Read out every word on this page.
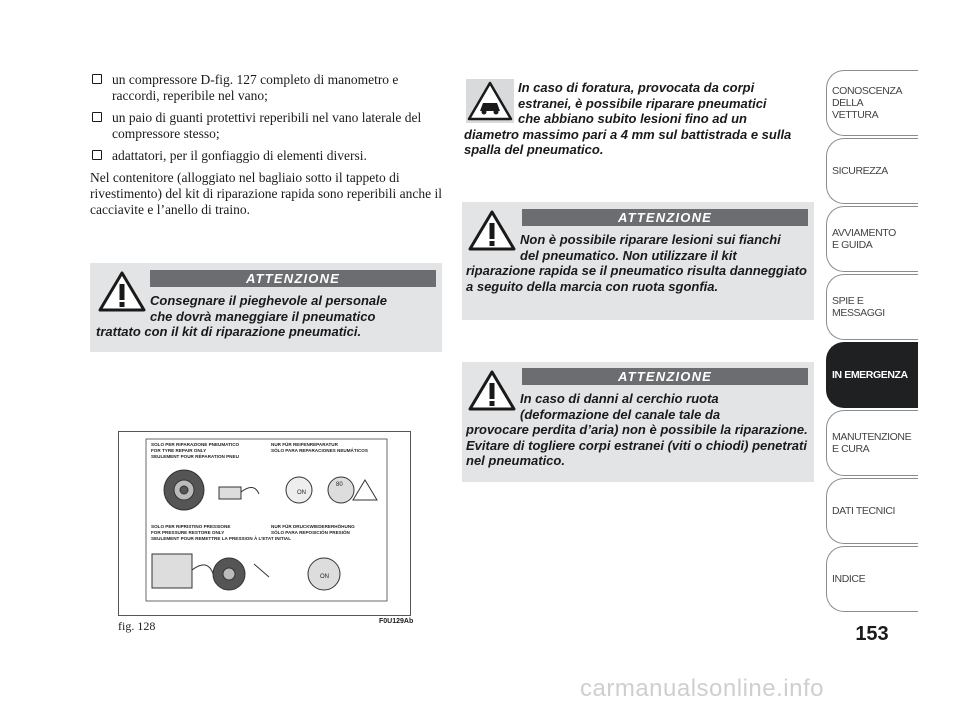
un compressore D-fig. 127 completo di manometro e raccordi, reperibile nel vano;
un paio di guanti protettivi reperibili nel vano laterale del compressore stesso;
adattatori, per il gonfiaggio di elementi diversi.
Nel contenitore (alloggiato nel bagliaio sotto il tappeto di rivestimento) del kit di riparazione rapida sono reperibili anche il cacciavite e l’anello di traino.
ATTENZIONE
Consegnare il pieghevole al personale
che dovrà maneggiare il pneumatico
trattato con il kit di riparazione pneumatici.
In caso di foratura, provocata da corpi
estranei, è possibile riparare pneumatici
che abbiano subito lesioni fino ad un
diametro massimo pari a 4 mm sul battistrada e sulla spalla del pneumatico.
ATTENZIONE
Non è possibile riparare lesioni sui fianchi
del pneumatico. Non utilizzare il kit
riparazione rapida se il pneumatico risulta danneggiato a seguito della marcia con ruota sgonfia.
ATTENZIONE
In caso di danni al cerchio ruota
(deformazione del canale tale da
provocare perdita d’aria) non è possibile la riparazione. Evitare di togliere corpi estranei (viti o chiodi) penetrati nel pneumatico.
SOLO PER RIPARAZIONE PNEUMATICO
FOR TYRE REPAIR ONLY
SEULEMENT POUR RÉPARATION PNEU
NUR FÜR REIFENREPARATUR
SÓLO PARA REPARACIONES NEUMÁTICOS
SOLO PER RIPRISTINO PRESSIONE
FOR PRESSURE RESTORE ONLY
SEULEMENT POUR REMETTRE LA PRESSION À L’ETAT INITIAL
NUR FÜR DRUCKWIEDERERHÖHUNG
SÓLO PARA REPOSICIÓN PRESIÓN
ON
80
ON
fig. 128	F0U129Ab
CONOSCENZA
DELLA
VETTURA
SICUREZZA
AVVIAMENTO
E GUIDA
SPIE E
MESSAGGI
IN EMERGENZA
MANUTENZIONE
E CURA
DATI TECNICI
INDICE
153
carmanualsonline.info
